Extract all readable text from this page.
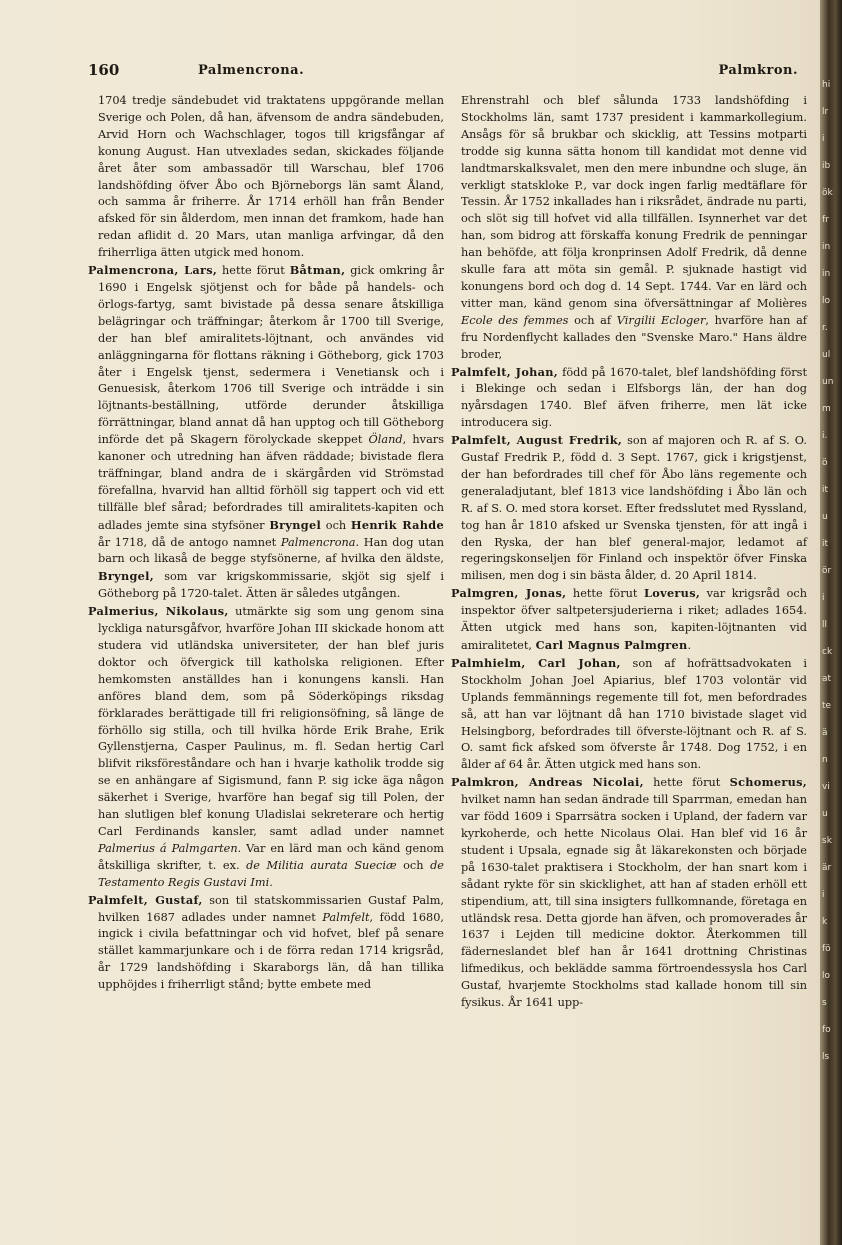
160	Palmencrona.	Palmkron.

1704 tredje sändebudet vid traktatens uppgörande mellan Sverige och Polen, då han, äfvensom de andra sändebuden, Arvid Horn och Wachschlager, togos till krigsfångar af konung August. Han utvexlades sedan, skickades följande året åter som ambassadör till Warschau, blef 1706 landshöfding öfver Åbo och Björneborgs län samt Åland, och samma år friherre. År 1714 erhöll han från Bender afsked för sin ålderdom, men innan det framkom, hade han redan aflidit d. 20 Mars, utan manliga arfvingar, då den friherrliga ätten utgick med honom.

Palmencrona, Lars, hette förut Båtman, gick omkring år 1690 i Engelsk sjötjenst och for både på handels- och örlogs-fartyg, samt bivistade på dessa senare åtskilliga belägringar och träffningar; återkom år 1700 till Sverige, der han blef amiralitets-löjtnant, och användes vid anläggningarna för flottans räkning i Götheborg, gick 1703 åter i Engelsk tjenst, sedermera i Venetiansk och i Genuesisk, återkom 1706 till Sverige och inträdde i sin löjtnants-beställning, utförde derunder åtskilliga förrättningar, bland annat då han upptog och till Götheborg införde det på Skagern förolyckade skeppet Öland, hvars kanoner och utredning han äfven räddade; bivistade flera träffningar, bland andra de i skärgården vid Strömstad förefallna, hvarvid han alltid förhöll sig tappert och vid ett tillfälle blef sårad; befordrades till amiralitets-kapiten och adlades jemte sina styfsöner Bryngel och Henrik Rahde år 1718, då de antogo namnet Palmencrona. Han dog utan barn och likaså de begge styfsönerne, af hvilka den äldste, Bryngel, som var krigskommissarie, skjöt sig sjelf i Götheborg på 1720-talet. Ätten är således utgången.

Palmerius, Nikolaus, utmärkte sig som ung genom sina lyckliga natursgåfvor, hvarföre Johan III skickade honom att studera vid utländska universiteter, der han blef juris doktor och öfvergick till katholska religionen. Efter hemkomsten anställdes han i konungens kansli. Han anföres bland dem, som på Söderköpings riksdag förklarades berättigade till fri religionsöfning, så länge de förhöllo sig stilla, och till hvilka hörde Erik Brahe, Erik Gyllenstjerna, Casper Paulinus, m. fl. Sedan hertig Carl blifvit riksföreståndare och han i hvarje katholik trodde sig se en anhängare af Sigismund, fann P. sig icke äga någon säkerhet i Sverige, hvarföre han begaf sig till Polen, der han slutligen blef konung Uladislai sekreterare och hertig Carl Ferdinands kansler, samt adlad under namnet Palmerius á Palmgarten. Var en lärd man och känd genom åtskilliga skrifter, t. ex. de Militia aurata Sueciæ och de Testamento Regis Gustavi Imi.

Palmfelt, Gustaf, son til statskommissarien Gustaf Palm, hvilken 1687 adlades under namnet Palmfelt, född 1680, ingick i civila befattningar och vid hofvet, blef på senare stället kammarjunkare och i de förra redan 1714 krigsråd, år 1729 landshöfding i Skaraborgs län, då han tillika upphöjdes i friherrligt stånd; bytte embete med

Ehrenstrahl och blef sålunda 1733 landshöfding i Stockholms län, samt 1737 president i kammarkollegium. Ansågs för så brukbar och skicklig, att Tessins motparti trodde sig kunna sätta honom till kandidat mot denne vid landtmarskalksvalet, men den mere inbundne och sluge, än verkligt statskloke P., var dock ingen farlig medtäflare för Tessin. År 1752 inkallades han i riksrådet, ändrade nu parti, och slöt sig till hofvet vid alla tillfällen. Isynnerhet var det han, som bidrog att förskaffa konung Fredrik de penningar han behöfde, att följa kronprinsen Adolf Fredrik, då denne skulle fara att möta sin gemål. P. sjuknade hastigt vid konungens bord och dog d. 14 Sept. 1744. Var en lärd och vitter man, känd genom sina öfversättningar af Molières Ecole des femmes och af Virgilii Ecloger, hvarföre han af fru Nordenflycht kallades den "Svenske Maro." Hans äldre broder,

Palmfelt, Johan, född på 1670-talet, blef landshöfding först i Blekinge och sedan i Elfsborgs län, der han dog nyårsdagen 1740. Blef äfven friherre, men lät icke introducera sig.

Palmfelt, August Fredrik, son af majoren och R. af S. O. Gustaf Fredrik P., född d. 3 Sept. 1767, gick i krigstjenst, der han befordrades till chef för Åbo läns regemente och generaladjutant, blef 1813 vice landshöfding i Åbo län och R. af S. O. med stora korset. Efter fredsslutet med Ryssland, tog han år 1810 afsked ur Svenska tjensten, för att ingå i den Ryska, der han blef general-major, ledamot af regeringskonseljen för Finland och inspektör öfver Finska milisen, men dog i sin bästa ålder, d. 20 April 1814.

Palmgren, Jonas, hette förut Loverus, var krigsråd och inspektor öfver saltpetersjuderierna i riket; adlades 1654. Ätten utgick med hans son, kapiten-löjtnanten vid amiralitetet, Carl Magnus Palmgren.

Palmhielm, Carl Johan, son af hofrättsadvokaten i Stockholm Johan Joel Apiarius, blef 1703 volontär vid Uplands femmännings regemente till fot, men befordrades så, att han var löjtnant då han 1710 bivistade slaget vid Helsingborg, befordrades till öfverste-löjtnant och R. af S. O. samt fick afsked som öfverste år 1748. Dog 1752, i en ålder af 64 år. Ätten utgick med hans son.

Palmkron, Andreas Nicolai, hette förut Schomerus, hvilket namn han sedan ändrade till Sparrman, emedan han var född 1609 i Sparrsätra socken i Upland, der fadern var kyrkoherde, och hette Nicolaus Olai. Han blef vid 16 år student i Upsala, egnade sig åt läkarekonsten och började på 1630-talet praktisera i Stockholm, der han snart kom i sådant rykte för sin skicklighet, att han af staden erhöll ett stipendium, att, till sina insigters fullkomnande, företaga en utländsk resa. Detta gjorde han äfven, och promoverades år 1637 i Lejden till medicine doktor. Återkommen till fäderneslandet blef han år 1641 drottning Christinas lifmedikus, och beklädde samma förtroendessysla hos Carl Gustaf, hvarjemte Stockholms stad kallade honom till sin fysikus. År 1641 upp-

hi
lr
i
ib
ök
fr
in
in
lo
r.
ul
un
m
i.
ö
it
u
it
ör
i
ll
ck
at
te
ä
n
vi
u
sk
är
i
k
fö
lo
s
fo
ls
